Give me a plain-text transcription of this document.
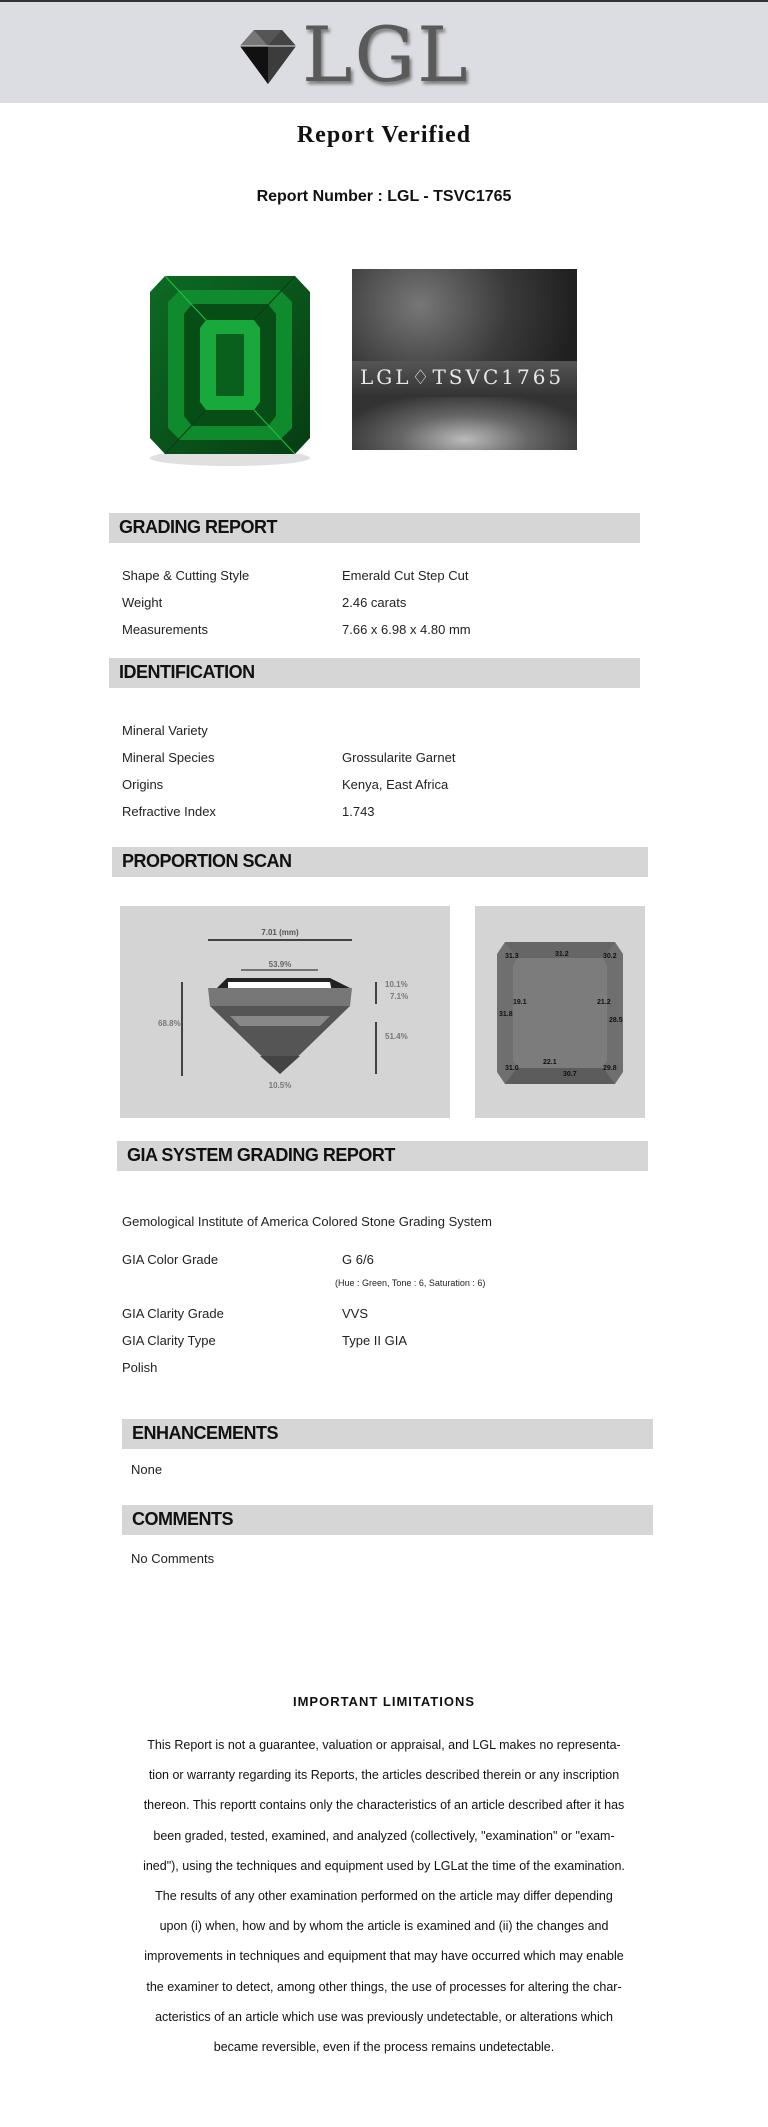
LGL
Report Verified
Report Number : LGL - TSVC1765
LGL♢TSVC1765
GRADING REPORT
Shape & Cutting Style	Emerald Cut Step Cut
Weight	2.46 carats
Measurements	7.66 x 6.98 x 4.80 mm
IDENTIFICATION
Mineral Variety
Mineral Species	Grossularite Garnet
Origins	Kenya, East Africa
Refractive Index	1.743
PROPORTION SCAN
7.01 (mm)
53.9%
68.8%
10.1%
7.1%
51.4%
10.5%
31.3	31.2	30.2
19.1
31.8
21.2
28.5
31.0
22.1
30.7
29.8
GIA SYSTEM GRADING REPORT
Gemological Institute of America Colored Stone Grading System
GIA Color Grade	G 6/6
(Hue : Green, Tone : 6, Saturation : 6)
GIA Clarity Grade	VVS
GIA Clarity Type	Type II GIA
Polish
ENHANCEMENTS
None
COMMENTS
No Comments
IMPORTANT LIMITATIONS
This Report is not a guarantee, valuation or appraisal, and LGL makes no representa-
tion or warranty regarding its Reports, the articles described therein or any inscription
thereon. This reportt contains only the characteristics of an article described after it has
been graded, tested, examined, and analyzed (collectively, "examination" or "exam-
ined"), using the techniques and equipment used by LGLat the time of the examination.
The results of any other examination performed on the article may differ depending
upon (i) when, how and by whom the article is examined and (ii) the changes and
improvements in techniques and equipment that may have occurred which may enable
the examiner to detect, among other things, the use of processes for altering the char-
acteristics of an article which use was previously undetectable, or alterations which
became reversible, even if the process remains undetectable.
